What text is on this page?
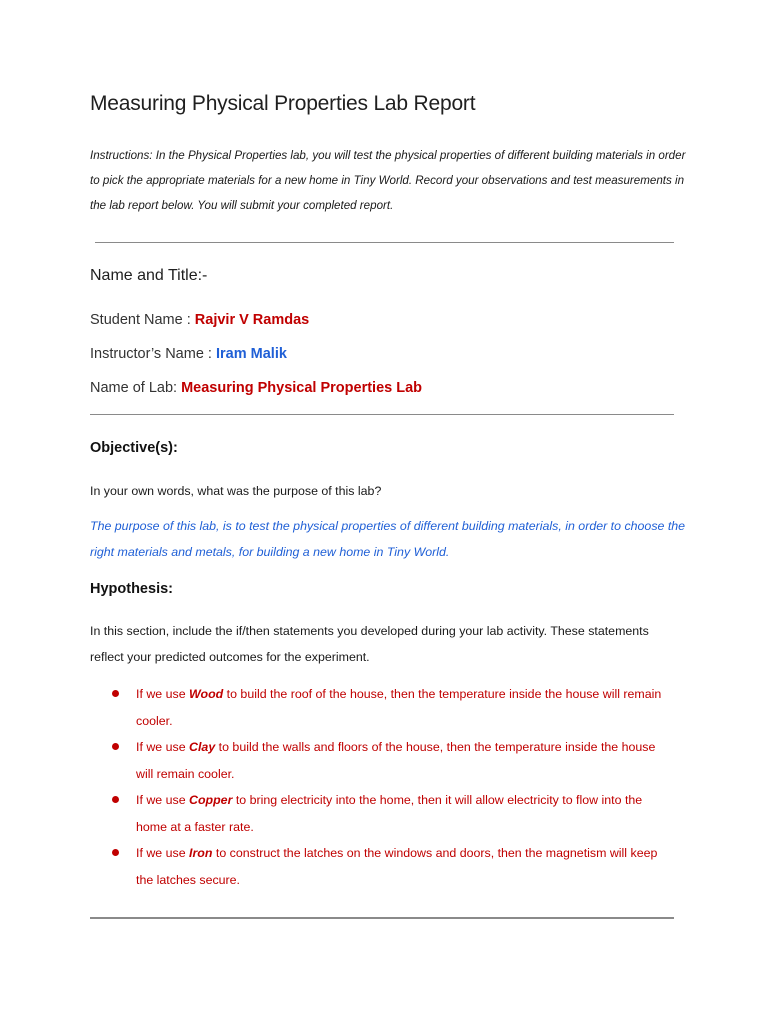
Measuring Physical Properties Lab Report

Instructions: In the Physical Properties lab, you will test the physical properties of different building materials in order to pick the appropriate materials for a new home in Tiny World. Record your observations and test measurements in the lab report below. You will submit your completed report.

Name and Title:-

Student Name : Rajvir V Ramdas

Instructor’s Name : Iram Malik

Name of Lab: Measuring Physical Properties Lab

Objective(s):

In your own words, what was the purpose of this lab?

The purpose of this lab, is to test the physical properties of different building materials, in order to choose the right materials and metals, for building a new home in Tiny World.

Hypothesis:

In this section, include the if/then statements you developed during your lab activity. These statements reflect your predicted outcomes for the experiment.

If we use Wood to build the roof of the house, then the temperature inside the house will remain cooler.
If we use Clay to build the walls and floors of the house, then the temperature inside the house will remain cooler.
If we use Copper to bring electricity into the home, then it will allow electricity to flow into the home at a faster rate.
If we use Iron to construct the latches on the windows and doors, then the magnetism will keep the latches secure.
